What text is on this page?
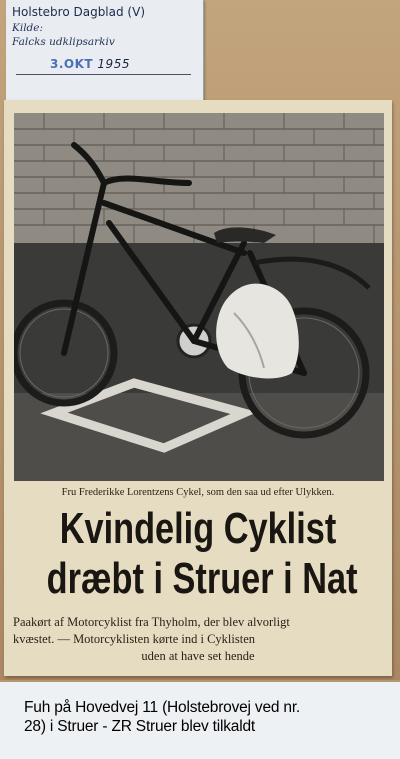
Holstebro Dagblad (V)
Kilde:
Falcks udklipsarkiv
3.OKT 1955
Fru Frederikke Lorentzens Cykel, som den saa ud efter Ulykken.
Kvindelig Cyklist
dræbt i Struer i Nat
Paakørt af Motorcyklist fra Thyholm, der blev alvorligt
kvæstet. — Motorcyklisten kørte ind i Cyklisten
uden at have set hende
Fuh på Hovedvej 11 (Holstebrovej ved nr.
28) i Struer - ZR Struer blev tilkaldt
